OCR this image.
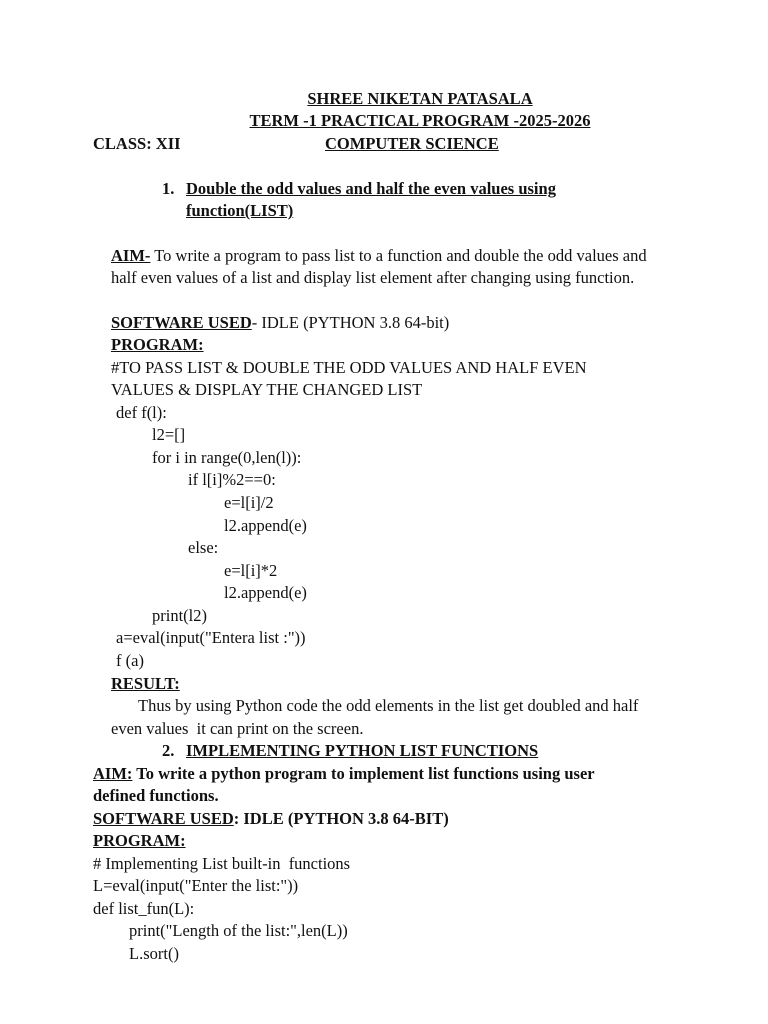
SHREE NIKETAN PATASALA
TERM -1 PRACTICAL PROGRAM -2025-2026
CLASS: XII	COMPUTER SCIENCE
1. Double the odd values and half the even values using
function(LIST)
AIM- To write a program to pass list to a function and double the odd values and
half even values of a list and display list element after changing using function.
SOFTWARE USED- IDLE (PYTHON 3.8 64-bit)
PROGRAM:
#TO PASS LIST & DOUBLE THE ODD VALUES AND HALF EVEN
VALUES & DISPLAY THE CHANGED LIST
def f(l):
l2=[]
for i in range(0,len(l)):
if l[i]%2==0:
e=l[i]/2
l2.append(e)
else:
e=l[i]*2
l2.append(e)
print(l2)
a=eval(input("Entera list :"))
f (a)
RESULT:
Thus by using Python code the odd elements in the list get doubled and half
even values  it can print on the screen.
2. IMPLEMENTING PYTHON LIST FUNCTIONS
AIM: To write a python program to implement list functions using user
defined functions.
SOFTWARE USED: IDLE (PYTHON 3.8 64-BIT)
PROGRAM:
# Implementing List built-in  functions
L=eval(input("Enter the list:"))
def list_fun(L):
print("Length of the list:",len(L))
L.sort()
